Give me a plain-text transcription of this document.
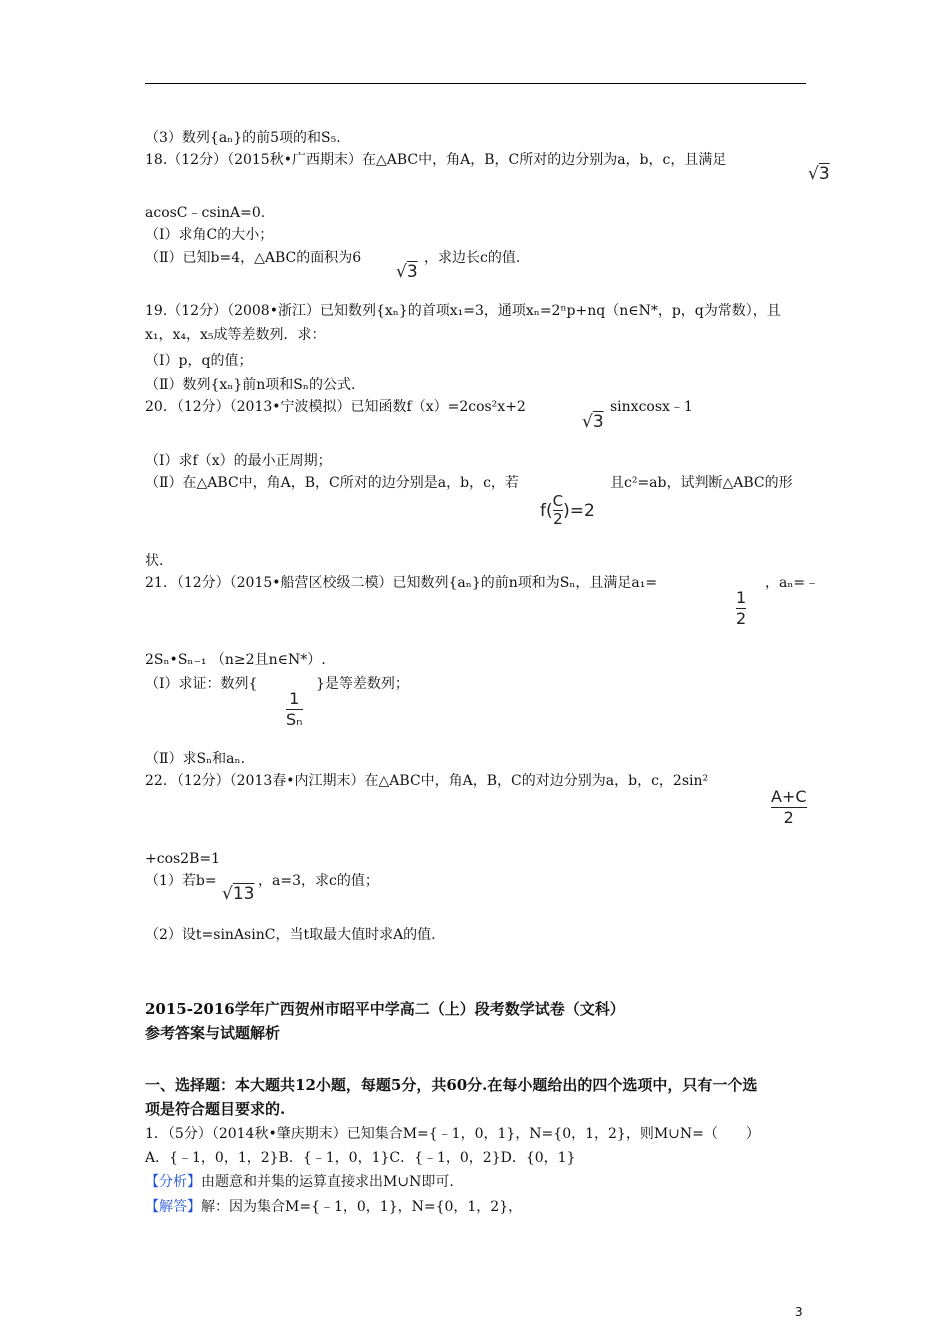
（3）数列{aₙ}的前5项的和S₅.
18.（12分）（2015秋•广西期末）在△ABC中，角A，B，C所对的边分别为a，b，c，且满足
√3
acosC﹣csinA=0.
（Ⅰ）求角C的大小；
（Ⅱ）已知b=4，△ABC的面积为6
√3
，求边长c的值.
19.（12分）（2008•浙江）已知数列{xₙ}的首项x₁=3，通项xₙ=2ⁿp+nq（n∈N*，p，q为常数），且
x₁，x₄，x₅成等差数列．求：
（Ⅰ）p，q的值；
（Ⅱ）数列{xₙ}前n项和Sₙ的公式.
20．（12分）（2013•宁波模拟）已知函数f（x）=2cos²x+2
√3
sinxcosx﹣1
（Ⅰ）求f（x）的最小正周期；
（Ⅱ）在△ABC中，角A，B，C所对的边分别是a，b，c，若
$f( \frac{C}{2} )=2$
且c²=ab，试判断△ABC的形
状.
21．（12分）（2015•船营区校级二模）已知数列{aₙ}的前n项和为Sₙ，且满足a₁=
1
2
，aₙ=﹣
2Sₙ•Sₙ₋₁ （n≥2且n∈N*）.
（Ⅰ）求证：数列{
1
Sₙ
}是等差数列；
（Ⅱ）求Sₙ和aₙ.
22．（12分）（2013春•内江期末）在△ABC中，角A，B，C的对边分别为a，b，c，2sin²
A+C
2
+cos2B=1
（1）若b=
√13
，a=3，求c的值；
（2）设t=sinAsinC，当t取最大值时求A的值.
2015-2016学年广西贺州市昭平中学高二（上）段考数学试卷（文科）
参考答案与试题解析
一、选择题：本大题共12小题，每题5分，共60分.在每小题给出的四个选项中，只有一个选
项是符合题目要求的.
1．（5分）（2014秋•肇庆期末）已知集合M={﹣1，0，1}，N={0，1，2}，则M∪N=（　　）
A．{﹣1，0，1，2}B．{﹣1，0，1}C．{﹣1，0，2}D．{0，1}
【分析】由题意和并集的运算直接求出M∪N即可.
【解答】解：因为集合M={﹣1，0，1}，N={0，1，2}，
3
